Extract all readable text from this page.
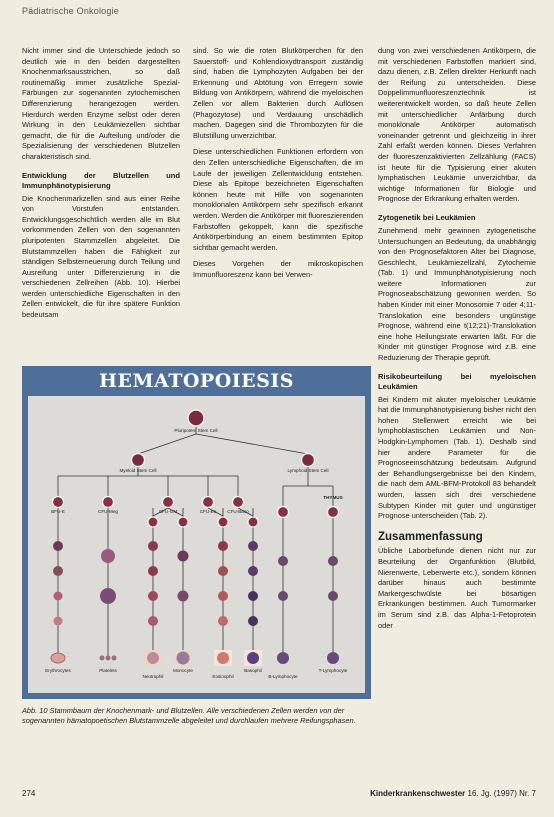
Pädiatrische Onkologie

Nicht immer sind die Unterschiede jedoch so deutlich wie in den beiden dargestellten Knochenmarksausstrichen, so daß routinemäßig immer zusätzliche Spezial-Färbungen zur sogenannten zytochemischen Differenzierung herangezogen werden. Hierdurch werden Enzyme selbst oder deren Wirkung in den Leukämiezellen sichtbar gemacht, die für die Aufteilung und/oder die Spezialisierung der verschiedenen Blutzellen charakteristisch sind.

Entwicklung der Blutzellen und Immunphänotypisierung

Die Knochenmarkzellen sind aus einer Reihe von Vorstufen entstanden. Entwicklungsgeschichtlich werden alle im Blut vorkommenden Zellen von den sogenannten pluripotenten Stammzellen abgeleitet. Die Blutstammzellen haben die Fähigkeit zur ständigen Selbsterneuerung durch Teilung und Ausreifung unter Differenzierung in die verschiedenen Zellreihen (Abb. 10). Hierbei werden unterschiedliche Eigenschaften in den Zellen entwickelt, die für ihre spätere Funktion bedeutsam

sind. So wie die roten Blutkörperchen für den Sauerstoff- und Kohlendioxydtransport zuständig sind, haben die Lymphozyten Aufgaben bei der Erkennung und Abtötung von Erregern sowie Bildung von Antikörpern, während die myeloischen Zellen vor allem Bakterien durch Auflösen (Phagozytose) und Verdauung unschädlich machen. Dagegen sind die Thrombozyten für die Blutstillung unverzichtbar.

Diese unterschiedlichen Funktionen erfordern von den Zellen unterschiedliche Eigenschaften, die im Laufe der jeweiligen Zellentwicklung entstehen. Diese als Epitope bezeichneten Eigenschaften können heute mit Hilfe von sogenannten monoklonalen Antikörpern sehr spezifisch erkannt werden. Werden die Antikörper mit fluoreszierenden Farbstoffen gekoppelt, kann die spezifische Antikörperbindung an einem bestimmten Epitop sichtbar gemacht werden.

Dieses Vorgehen der mikroskopischen Immunfluoreszenz kann bei Verwen-

dung von zwei verschiedenen Antikörpern, die mit verschiedenen Farbstoffen markiert sind, dazu dienen, z.B. Zellen direkter Herkunft nach der Reifung zu unterscheiden. Diese Doppelimmunfluoreszenztechnik ist weiterentwickelt worden, so daß heute Zellen mit unterschiedlicher Anfärbung durch monoklonale Antikörper automatisch voneinander getrennt und gleichzeitig in ihrer Zahl erfaßt werden können. Dieses Verfahren der fluoreszenzaktivierten Zellzählung (FACS) ist heute für die Typisierung einer akuten lymphatischen Leukämie unverzichtbar, da wichtige Informationen für Biologie und Prognose der Erkrankung erhalten werden.

Zytogenetik bei Leukämien

Zunehmend mehr gewinnen zytogenetische Untersuchungen an Bedeutung, da unabhängig von den Prognosefaktoren Alter bei Diagnose, Geschlecht, Leukämiezellzahl, Zytochemie (Tab. 1) und Immunphänotypisierung noch weitere Informationen zur Prognoseabschätzung gewonnen werden. So haben Kinder mit einer Monosomie 7 oder 4;11-Translokation eine besonders ungünstige Prognose, während eine t(12;21)-Translokation eine hohe Heilungsrate erwarten läßt. Für die Kinder mit günstiger Prognose wird z.B. eine Reduzierung der Therapie geprüft.

Risikobeurteilung bei myeloischen Leukämien

Bei Kindern mit akuter myeloischer Leukämie hat die Immunphänotypisierung bisher nicht den hohen Stellenwert erreicht wie bei lymphoblastischen Leukämien und Non-Hodgkin-Lymphomen (Tab. 1). Deshalb sind hier andere Parameter für die Prognoseeinschätzung bedeutsam. Aufgrund der Behandlungsergebnisse bei den Kindern, die nach dem AML-BFM-Protokoll 83 behandelt wurden, lassen sich drei verschiedene Subtypen Kinder mit guter und ungünstiger Prognose unterscheiden (Tab. 2).

Zusammenfassung

Übliche Laborbefunde dienen nicht nur zur Beurteilung der Organfunktion (Blutbild, Nierenwerte, Leberwerte etc.), sondern können darüber hinaus auch bestimmte Markergeschwülste bei bösartigen Erkrankungen bestimmen. Auch Tumormarker im Serum sind z.B. das Alpha-1-Fetoprotein oder

HEMATOPOIESIS
Pluripotent Stem Cell
Myeloid Stem Cell	Lymphoid Stem Cell
BFU-E	CFU-Meg	CFU-GM	CFU-Eo CFU-Baso
THYMUS
Erythrocytes	Platelets
Neutrophil
Monocyte
Eosinophil
Basophil	T-Lymphocyte
B-Lymphocyte
Abb. 10 Stammbaum der Knochenmark- und Blutzellen. Alle verschiedenen Zellen werden von der sogenannten hämatopoetischen Blutstammzelle abgeleitet und durchlaufen mehrere Reifungsphasen.
274	Kinderkrankenschwester 16. Jg. (1997) Nr. 7
